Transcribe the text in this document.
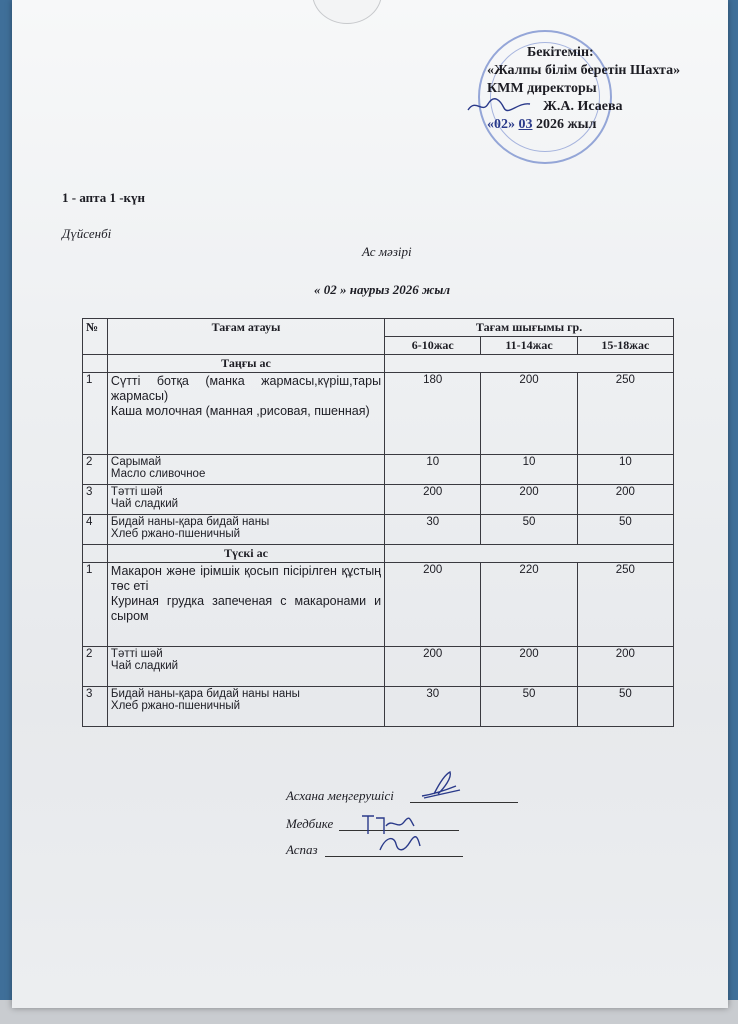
Бекітемін:
«Жалпы білім беретін Шахта»
КММ директоры
Ж.А. Исаева
«02» 03 2026 жыл
1 - апта 1 -күн
Дүйсенбі
Ас мәзірі
« 02 » наурыз 2026 жыл
№	Тағам атауы	Тағам шығымы гр.		
		6-10жас	11-14жас	15-18жас
	Таңғы ас			
1	Сүтті ботқа (манка жармасы,күріш,тары жармасы)
Каша молочная (манная ,рисовая, пшенная)	180	200	250
2	Сарымай
Масло сливочное	10	10	10
3	Тәтті шәй
Чай сладкий	200	200	200
4	Бидай наны-қара бидай наны
Хлеб ржано-пшеничный	30	50	50
	Түскі ас			
1	Макарон және ірімшік қосып пісірілген құстың төс еті
Куриная грудка запеченая с макаронами и сыром	200	220	250
2	Тәтті шәй
Чай сладкий	200	200	200
3	Бидай наны-қара бидай наны наны
Хлеб ржано-пшеничный	30	50	50
Асхана меңгерушісі
Медбике
Аспаз
